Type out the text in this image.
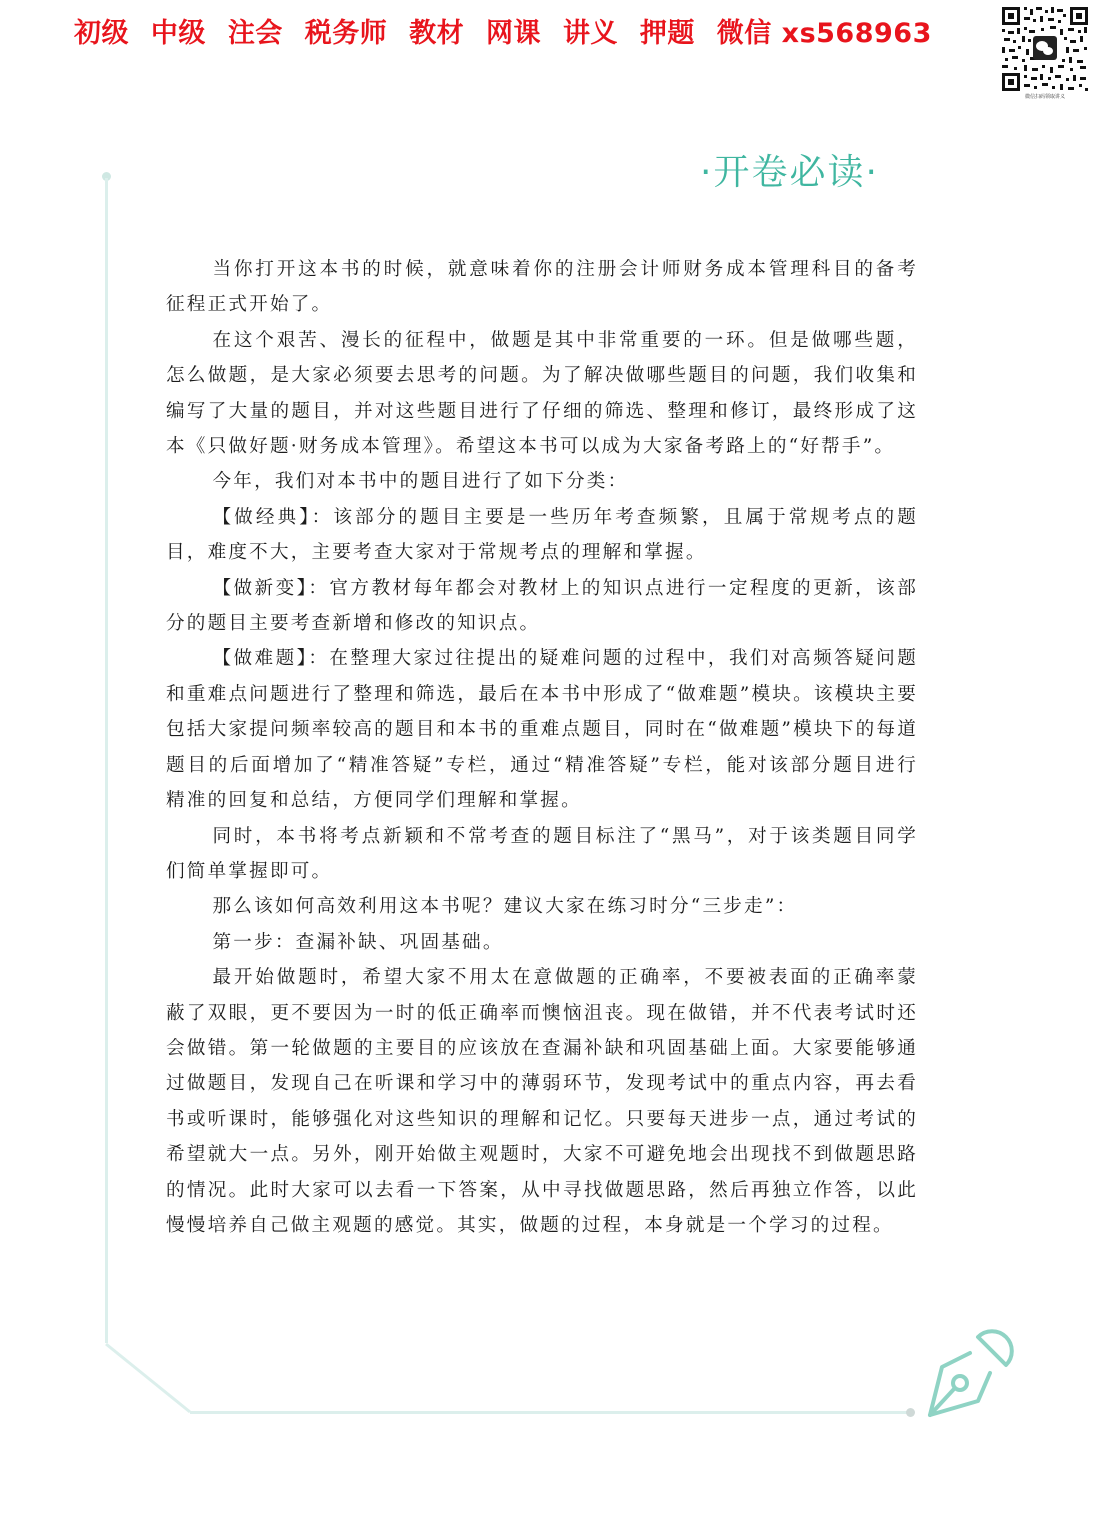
初级 中级 注会 税务师 教材 网课 讲义 押题 微信 xs568963
微信扫码领取讲义
·开卷必读·

当你打开这本书的时候，就意味着你的注册会计师财务成本管理科目的备考征程正式开始了。

在这个艰苦、漫长的征程中，做题是其中非常重要的一环。但是做哪些题，怎么做题，是大家必须要去思考的问题。为了解决做哪些题目的问题，我们收集和编写了大量的题目，并对这些题目进行了仔细的筛选、整理和修订，最终形成了这本《只做好题·财务成本管理》。希望这本书可以成为大家备考路上的“好帮手”。

今年，我们对本书中的题目进行了如下分类：

【做经典】：该部分的题目主要是一些历年考查频繁，且属于常规考点的题目，难度不大，主要考查大家对于常规考点的理解和掌握。

【做新变】：官方教材每年都会对教材上的知识点进行一定程度的更新，该部分的题目主要考查新增和修改的知识点。

【做难题】：在整理大家过往提出的疑难问题的过程中，我们对高频答疑问题和重难点问题进行了整理和筛选，最后在本书中形成了“做难题”模块。该模块主要包括大家提问频率较高的题目和本书的重难点题目，同时在“做难题”模块下的每道题目的后面增加了“精准答疑”专栏，通过“精准答疑”专栏，能对该部分题目进行精准的回复和总结，方便同学们理解和掌握。

同时，本书将考点新颖和不常考查的题目标注了“黑马”，对于该类题目同学们简单掌握即可。

那么该如何高效利用这本书呢？建议大家在练习时分“三步走”：

第一步：查漏补缺、巩固基础。

最开始做题时，希望大家不用太在意做题的正确率，不要被表面的正确率蒙蔽了双眼，更不要因为一时的低正确率而懊恼沮丧。现在做错，并不代表考试时还会做错。第一轮做题的主要目的应该放在查漏补缺和巩固基础上面。大家要能够通过做题目，发现自己在听课和学习中的薄弱环节，发现考试中的重点内容，再去看书或听课时，能够强化对这些知识的理解和记忆。只要每天进步一点，通过考试的希望就大一点。另外，刚开始做主观题时，大家不可避免地会出现找不到做题思路的情况。此时大家可以去看一下答案，从中寻找做题思路，然后再独立作答，以此慢慢培养自己做主观题的感觉。其实，做题的过程，本身就是一个学习的过程。
